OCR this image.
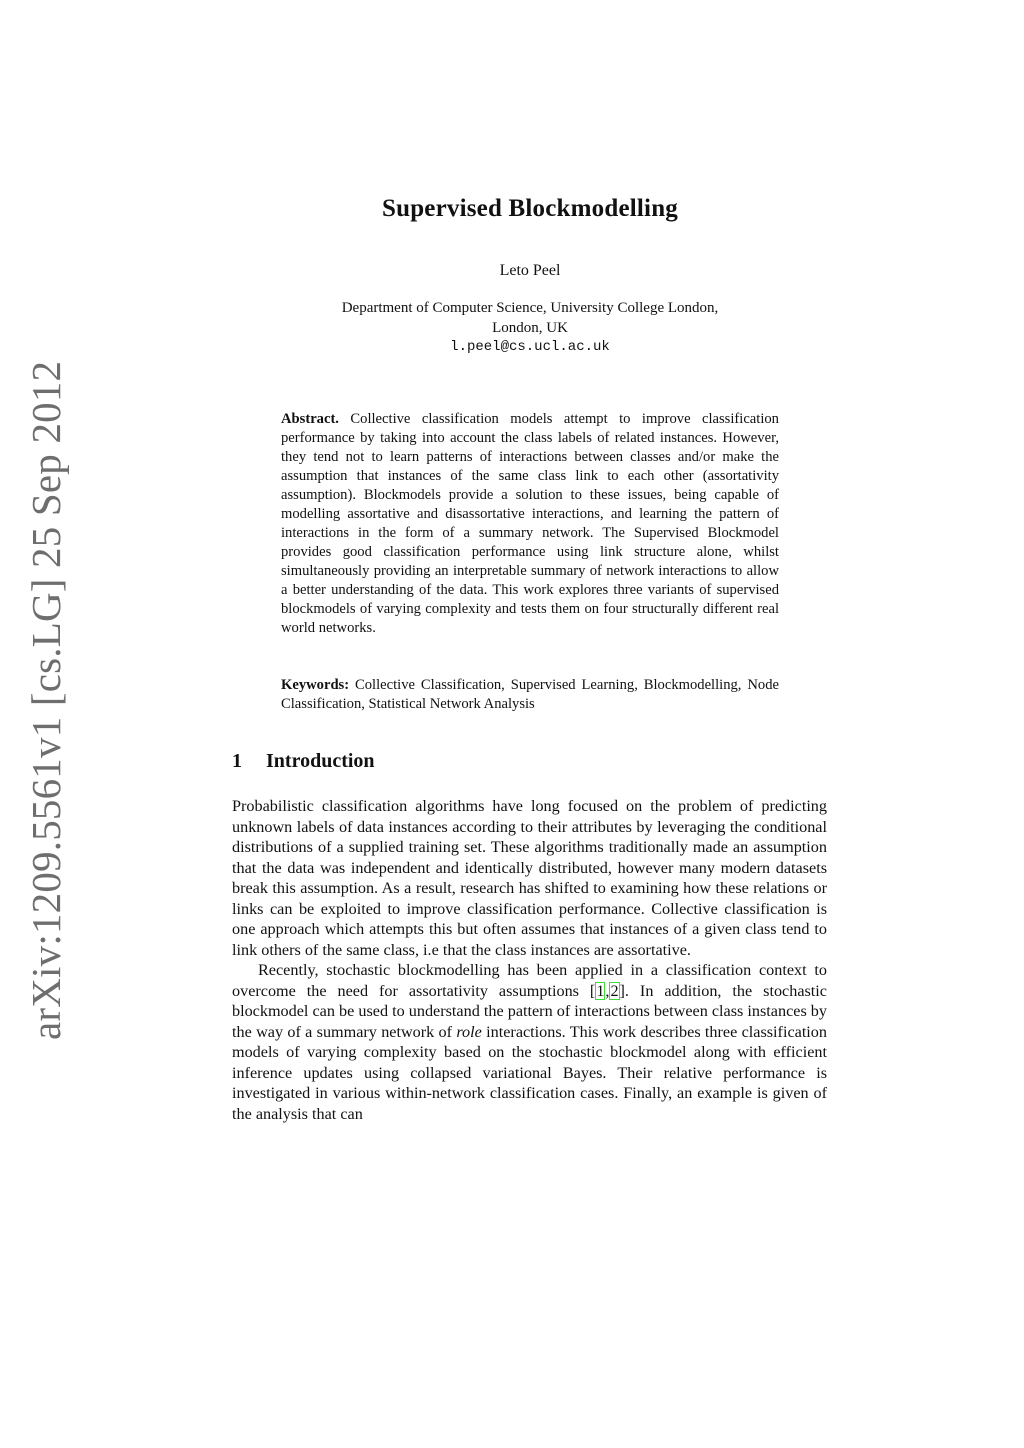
arXiv:1209.5561v1 [cs.LG] 25 Sep 2012
Supervised Blockmodelling
Leto Peel
Department of Computer Science, University College London,
London, UK
l.peel@cs.ucl.ac.uk
Abstract. Collective classification models attempt to improve classification performance by taking into account the class labels of related instances. However, they tend not to learn patterns of interactions between classes and/or make the assumption that instances of the same class link to each other (assortativity assumption). Blockmodels provide a solution to these issues, being capable of modelling assortative and disassortative interactions, and learning the pattern of interactions in the form of a summary network. The Supervised Blockmodel provides good classification performance using link structure alone, whilst simultaneously providing an interpretable summary of network interactions to allow a better understanding of the data. This work explores three variants of supervised blockmodels of varying complexity and tests them on four structurally different real world networks.
Keywords: Collective Classification, Supervised Learning, Blockmodelling, Node Classification, Statistical Network Analysis
1 Introduction

Probabilistic classification algorithms have long focused on the problem of predicting unknown labels of data instances according to their attributes by leveraging the conditional distributions of a supplied training set. These algorithms traditionally made an assumption that the data was independent and identically distributed, however many modern datasets break this assumption. As a result, research has shifted to examining how these relations or links can be exploited to improve classification performance. Collective classification is one approach which attempts this but often assumes that instances of a given class tend to link others of the same class, i.e that the class instances are assortative.

Recently, stochastic blockmodelling has been applied in a classification context to overcome the need for assortativity assumptions [1,2]. In addition, the stochastic blockmodel can be used to understand the pattern of interactions between class instances by the way of a summary network of role interactions. This work describes three classification models of varying complexity based on the stochastic blockmodel along with efficient inference updates using collapsed variational Bayes. Their relative performance is investigated in various within-network classification cases. Finally, an example is given of the analysis that can
